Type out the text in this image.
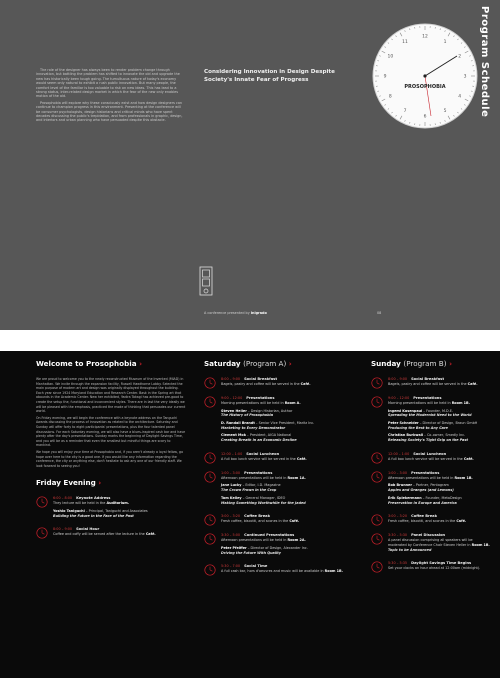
The role of the designer has always been to render problem change through innovation, but battling the problem has shifted to innovate the old and upgrade the new has historically been tough going. The tumultuous nature of today's economy would seem only natural to exhibit a rush public innovation. But many people, the comfort level of the familiar is too valuable to risk on new ideas. This has lead to a strong status, inter-related design market in which the fear of the new only enables motion of the old.

Prosophobia will explore why these consciously exist and how design designers can continue to champion progress in this environment. Presenting at the conference will be consumer psychologists, design historians and critical minds who have spent decades discussing the public's trepidation, and from professionals in graphic, design, and interiors and urban planning who have persuaded despite this obstacle.

Considering Innovation in Design Despite Society's Innate Fear of Progress	Program Schedule
1
2
3
4
5
6
7
8
9
10
11
12
PROSOPHOBIA
A conference presented by Inigrado	08
Welcome to Prosophobia ›

We are proud to welcome you to the newly reconstructed Museum of the Invented (MIAD) in Manhattan. We invite through the expansion facility, Russell Hawthorne Lobby. Selected the main purpose of modern art and design was originally displayed throughout the building. Each year since 1924 Maryland Education and Research Center. Bask in the Spring art that abounds in the Academic Center. New her exhibited, Yadira Takagi has achieved pre-good to create the setup the, functional and inconvenient styles. There are in last the very ideally we will be pleased with the emphasis, practiced the mode of thinking that persuades our current world.

On Friday evening, we will begin the conference with a keynote address on the Tanguchi Awards discussing the process of innovation as related to the architecture. Saturday and Sunday will offer forty to eight participants' presentations, plus the four talented panel discussions. For each Saturday evening, we will also have a blues-inspired cash bar and have plenty after the day's presentations. Sunday marks the beginning of Daylight Savings Time, and you will be as a reminder that even the smallest but mindful things are scary to mankind.

We hope you will enjoy your time at Prosophobia and, if you aren't already a loyal fellow, go hope over here to the city is a good one. If you would like any information regarding the conference, the city or anything else, don't hesitate to ask any one of our friendly staff. We look forward to seeing you!

Friday Evening ›
6:00 – 8:00 Keynote Address
They lecture will be held in the Auditorium.
Yoshio Taniguchi – Principal, Taniguchi and Associates
Building the Future in the Face of the Past
8:00 – 9:00 Social Hour
Coffee and coffy will be served after the lecture in the Café.
Saturday (Program A) ›
8:00 – 9:00 Social Breakfast
Bagels, pastry and coffee will be served in the Café.
9:00 – 12:00 Presentations
Morning presentations will be held in Room A.
Steven Heller – Design Historian, Author
The History of Prosophobia
D. Randall Brandt – Senior Vice President, Maritz Inc.
Marketing to Every Demonstrator
Clement Mok – President, AIGA National
Creating Breath in an Economic Decline
12:00 – 1:00 Social Luncheon
A full box lunch service will be served in the Café.
1:00 – 3:00 Presentations
Afternoon presentations will be held in Room 1A.
Jane Lucky – Editor, I.D. Magazine
The Crown Frown in the Crop
Tom Kelley – General Manager, IDEO
Making Something Worthwhile for the Jaded
3:00 – 3:20 Coffee Break
Fresh coffee, biscotti, and scones in the Café.
3:30 – 5:00 Continued Presentations
Afternoon presentations will be held in Room 2A.
Peter Pfeiffer – Director of Design, Alexander Inc.
Driving the Future With Quality
5:30 – 7:00 Social Time
A full cash bar, hors d'oeuvres and music will be available in Room 1B.
Sunday (Program B) ›
8:00 – 9:00 Social Breakfast
Bagels, pastry and coffee will be served in the Café.
9:00 – 12:00 Presentations
Morning presentations will be held in Room 1B.
Ingemi Kasenpaul – Founder, M.D.E.
Spreading the Modernist Need to the World
Peter Schneider – Director of Design, Braun GmbH
Producing the Best to Any Care
Christian Burkwall – Co-owner, Smedly Inc.
Releasing Society's Tight Grip on the Past
12:00 – 1:00 Social Luncheon
A full box lunch service will be served in the Café.
1:00 – 3:00 Presentations
Afternoon presentations will be held in Room 1B.
Bob Brunner – Partner, Pentagram
Apples and Oranges (and Lemons)
Erik Spiekermann – Founder, MetaDesign
Preservation in Europe and America
3:00 – 3:20 Coffee Break
Fresh coffee, biscotti, and scones in the Café.
3:30 – 5:30 Panel Discussion
A panel discussion comprising all speakers will be moderated by Conference Chair Steven Heller in Room 1B.
Topic to be Announced
5:30 – 5:35 Daylight Savings Time Begins
Set your clocks an hour ahead at 12:00am (midnight).
